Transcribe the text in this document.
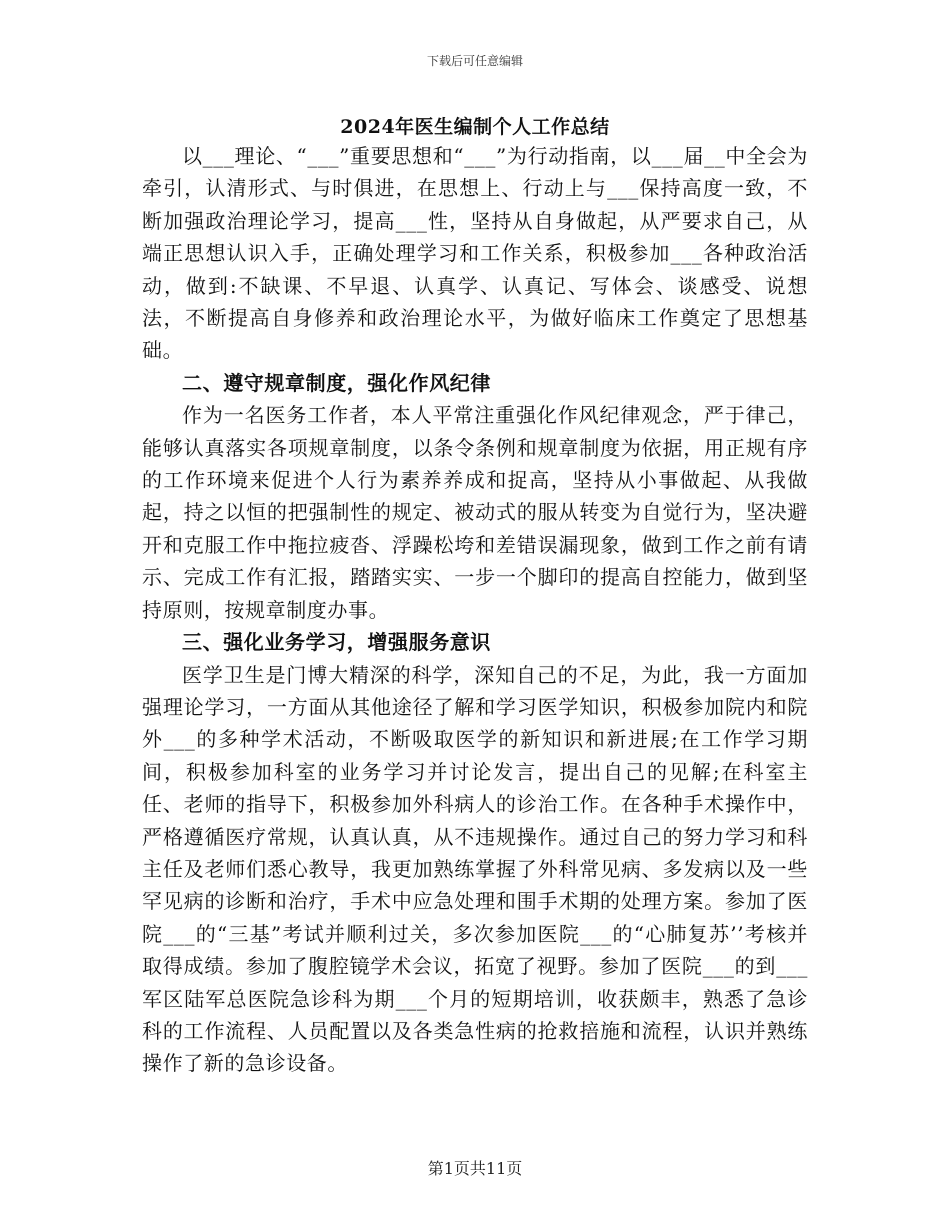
下载后可任意编辑
2024年医生编制个人工作总结

以___理论、“___”重要思想和“___”为行动指南，以___届__中全会为牵引，认清形式、与时俱进，在思想上、行动上与___保持高度一致，不断加强政治理论学习，提高___性，坚持从自身做起，从严要求自己，从端正思想认识入手，正确处理学习和工作关系，积极参加___各种政治活动，做到:不缺课、不早退、认真学、认真记、写体会、谈感受、说想法，不断提高自身修养和政治理论水平，为做好临床工作奠定了思想基础。

二、遵守规章制度，强化作风纪律

作为一名医务工作者，本人平常注重强化作风纪律观念，严于律己，能够认真落实各项规章制度，以条令条例和规章制度为依据，用正规有序的工作环境来促进个人行为素养养成和捉高，坚持从小事做起、从我做起，持之以恒的把强制性的规定、被动式的服从转变为自觉行为，坚决避开和克服工作中拖拉疲沓、浮躁松垮和差错误漏现象，做到工作之前有请示、完成工作有汇报，踏踏实实、一步一个脚印的提高自控能力，做到坚持原则，按规章制度办事。

三、强化业务学习，增强服务意识

医学卫生是门博大精深的科学，深知自己的不足，为此，我一方面加强理论学习，一方面从其他途径了解和学习医学知识，积极参加院内和院外___的多种学术活动，不断吸取医学的新知识和新进展;在工作学习期间，积极参加科室的业务学习并讨论发言，提出自己的见解;在科室主任、老师的指导下，积极参加外科病人的诊治工作。在各种手术操作中，严格遵循医疗常规，认真认真，从不违规操作。通过自己的努力学习和科主任及老师们悉心教导，我更加熟练掌握了外科常见病、多发病以及一些罕见病的诊断和治疗，手术中应急处理和围手术期的处理方案。参加了医院___的“三基”考试并顺利过关，多次参加医院___的“心肺复苏’’考核并取得成绩。参加了腹腔镜学术会议，拓宽了视野。参加了医院___的到___军区陆军总医院急诊科为期___个月的短期培训，收获颇丰，熟悉了急诊科的工作流程、人员配置以及各类急性病的抢救掊施和流程，认识并熟练操作了新的急诊设备。

第1页共11页
